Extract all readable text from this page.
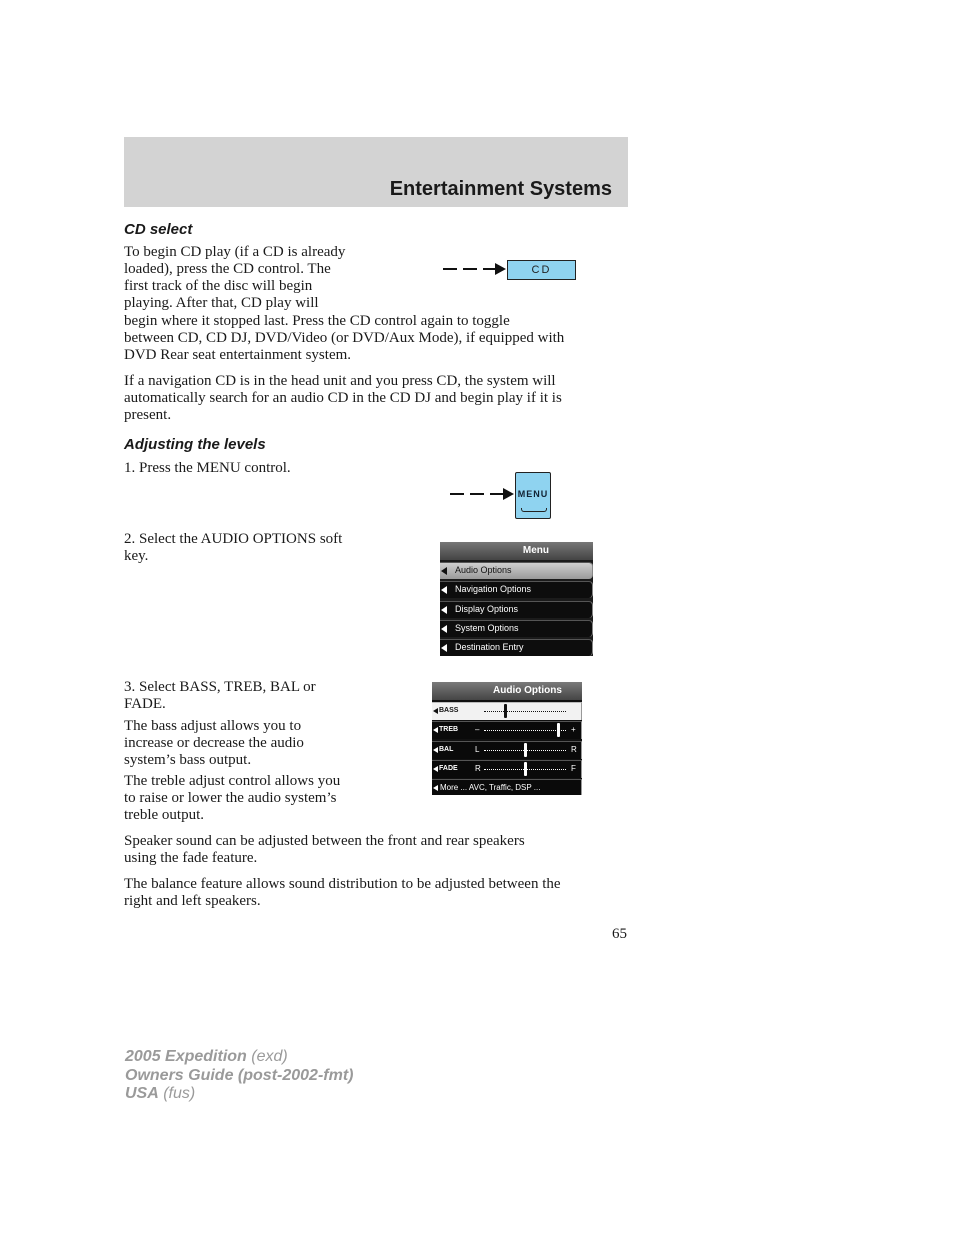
Entertainment Systems
CD select
To begin CD play (if a CD is already
loaded), press the CD control. The
first track of the disc will begin
playing. After that, CD play will
begin where it stopped last. Press the CD control again to toggle
between CD, CD DJ, DVD/Video (or DVD/Aux Mode), if equipped with
DVD Rear seat entertainment system.
CD
If a navigation CD is in the head unit and you press CD, the system will
automatically search for an audio CD in the CD DJ and begin play if it is
present.
Adjusting the levels
1. Press the MENU control.
MENU
2. Select the AUDIO OPTIONS soft
key.	Menu
Audio Options
Navigation Options
Display Options
System Options
Destination Entry
3. Select BASS, TREB, BAL or
FADE.
The bass adjust allows you to
increase or decrease the audio
system’s bass output.
The treble adjust control allows you
to raise or lower the audio system’s
treble output.
Audio Options
BASS
TREB –	+
BAL	L	R
FADE R	F
More ... AVC, Traffic, DSP ...
Speaker sound can be adjusted between the front and rear speakers
using the fade feature.
The balance feature allows sound distribution to be adjusted between the
right and left speakers.
65
2005 Expedition (exd)
Owners Guide (post-2002-fmt)
USA (fus)
